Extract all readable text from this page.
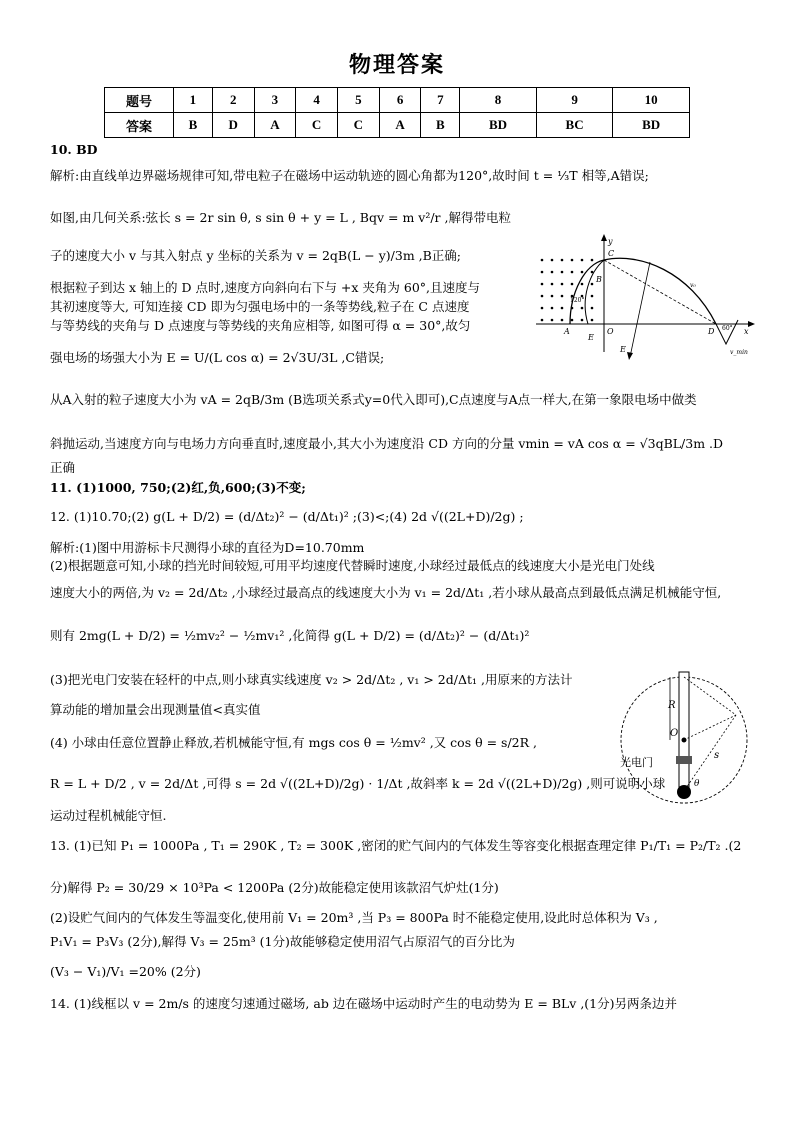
物理答案
题号	1	2	3	4	5	6	7	8	9	10
答案	B	D	A	C	C	A	B	BD	BC	BD
10. BD
解析:由直线单边界磁场规律可知,带电粒子在磁场中运动轨迹的圆心角都为120°,故时间 t = ⅓T 相等,A错误;
如图,由几何关系:弦长 s = 2r sin θ, s sin θ + y = L , Bqv = m v²/r ,解得带电粒
子的速度大小 v 与其入射点 y 坐标的关系为 v = 2qB(L − y)/3m ,B正确;
根据粒子到达 x 轴上的 D 点时,速度方向斜向右下与 +x 夹角为 60°,且速度与
其初速度等大, 可知连接 CD 即为匀强电场中的一条等势线,粒子在 C 点速度
与等势线的夹角与 D 点速度与等势线的夹角应相等, 如图可得 α = 30°,故匀
强电场的场强大小为 E = U/(L cos α) = 2√3U/3L ,C错误;
从A入射的粒子速度大小为 vA = 2qB/3m (B选项关系式y=0代入即可),C点速度与A点一样大,在第一象限电场中做类
斜抛运动,当速度方向与电场力方向垂直时,速度最小,其大小为速度沿 CD 方向的分量 vmin = vA cos α = √3qBL/3m .D
正确
11. (1)1000, 750;(2)红,负,600;(3)不变;
12. (1)10.70;(2) g(L + D/2) = (d/Δt₂)² − (d/Δt₁)² ;(3)<;(4) 2d √((2L+D)/2g) ;
解析:(1)图中用游标卡尺测得小球的直径为D=10.70mm
(2)根据题意可知,小球的挡光时间较短,可用平均速度代替瞬时速度,小球经过最低点的线速度大小是光电门处线
速度大小的两倍,为 v₂ = 2d/Δt₂ ,小球经过最高点的线速度大小为 v₁ = 2d/Δt₁ ,若小球从最高点到最低点满足机械能守恒,
则有 2mg(L + D/2) = ½mv₂² − ½mv₁² ,化简得 g(L + D/2) = (d/Δt₂)² − (d/Δt₁)²
(3)把光电门安装在轻杆的中点,则小球真实线速度 v₂ > 2d/Δt₂ , v₁ > 2d/Δt₁ ,用原来的方法计
算动能的增加量会出现测量值<真实值
(4) 小球由任意位置静止释放,若机械能守恒,有 mgs cos θ = ½mv² ,又 cos θ = s/2R ,
R = L + D/2 , v = 2d/Δt ,可得 s = 2d √((2L+D)/2g) · 1/Δt ,故斜率 k = 2d √((2L+D)/2g) ,则可说明小球
运动过程机械能守恒.
13. (1)已知 P₁ = 1000Pa , T₁ = 290K , T₂ = 300K ,密闭的贮气间内的气体发生等容变化根据查理定律 P₁/T₁ = P₂/T₂ .(2
分)解得 P₂ = 30/29 × 10³Pa < 1200Pa (2分)故能稳定使用该款沼气炉灶(1分)
(2)设贮气间内的气体发生等温变化,使用前 V₁ = 20m³ ,当 P₃ = 800Pa 时不能稳定使用,设此时总体积为 V₃ ,
P₁V₁ = P₃V₃ (2分),解得 V₃ = 25m³ (1分)故能够稳定使用沼气占原沼气的百分比为
(V₃ − V₁)/V₁ =20% (2分)
14. (1)线框以 v = 2m/s 的速度匀速通过磁场, ab 边在磁场中运动时产生的电动势为 E = BLv ,(1分)另两条边并
y
A
B
C
E
O	D	x
60°
v₀
120°
v_min
E
R
O
光电门
θ
s
